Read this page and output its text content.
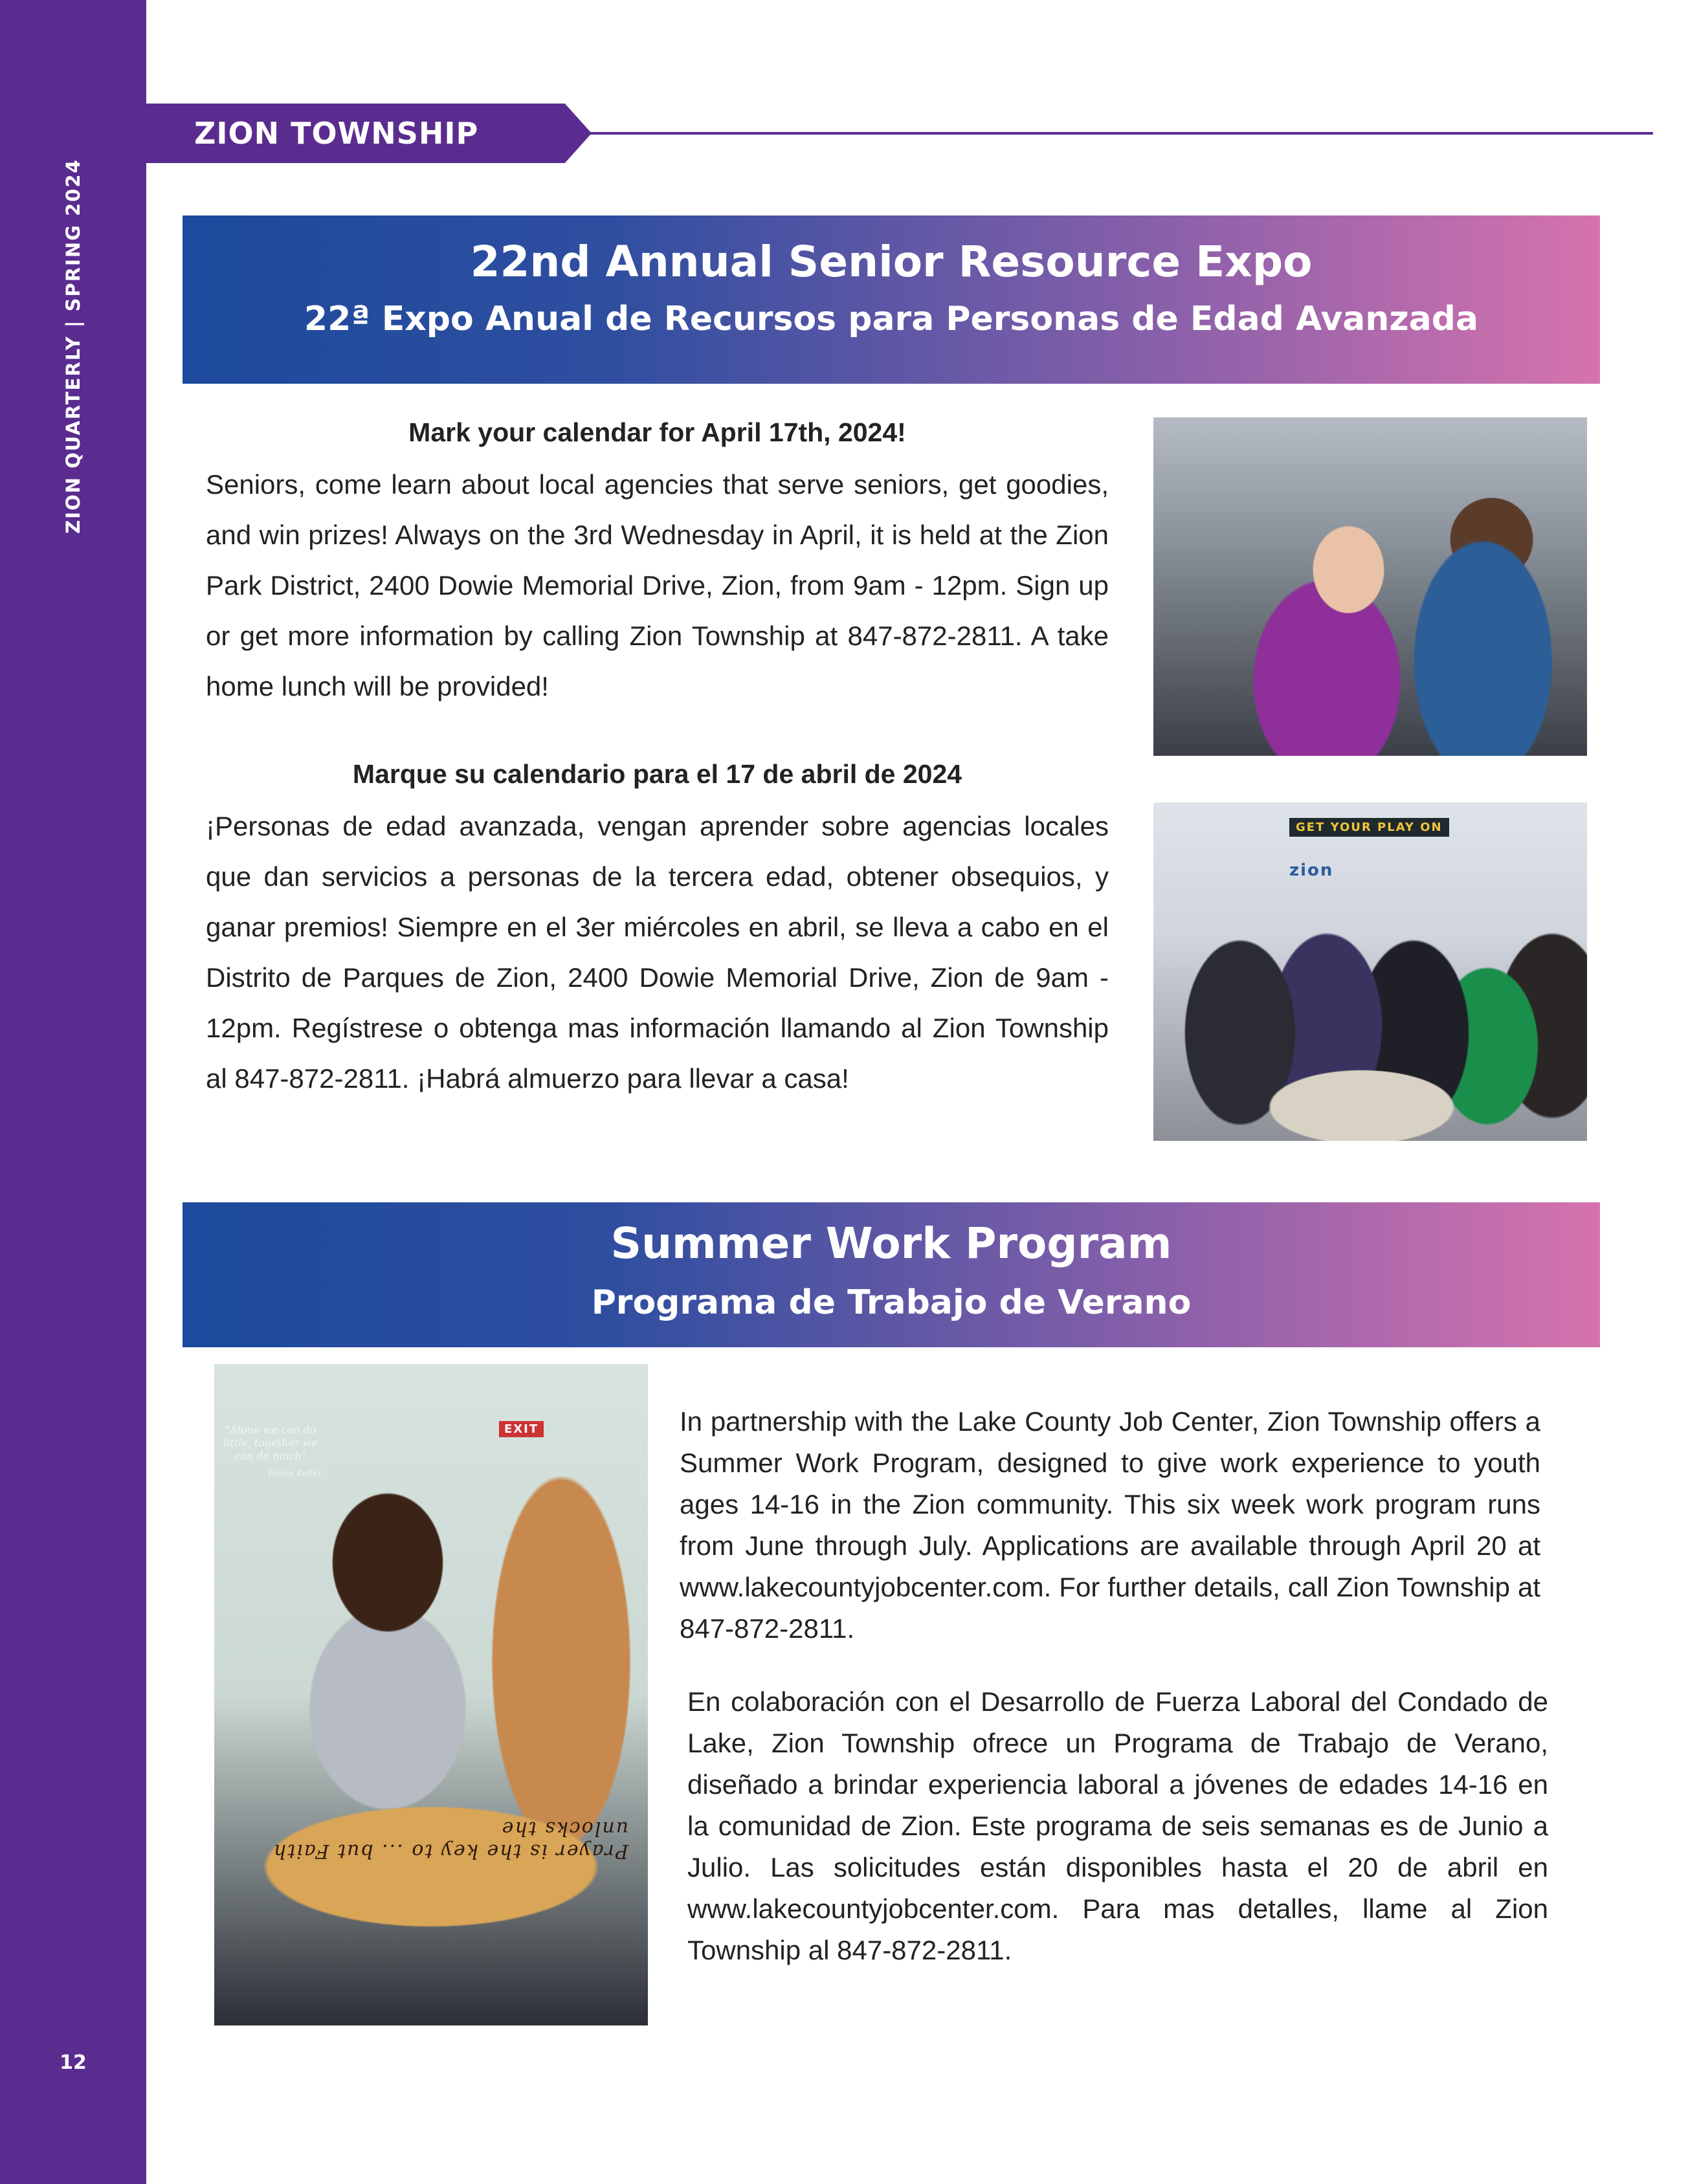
ZION QUARTERLY | SPRING 2024
12
ZION TOWNSHIP
22nd Annual Senior Resource Expo
22ª Expo Anual de Recursos para Personas de Edad Avanzada
Mark your calendar for April 17th, 2024!

Seniors, come learn about local agencies that serve seniors, get goodies, and win prizes! Always on the 3rd Wednesday in April, it is held at the Zion Park District, 2400 Dowie Memorial Drive, Zion, from 9am - 12pm. Sign up or get more information by calling Zion Township at 847-872-2811. A take home lunch will be provided!

Marque su calendario para el 17 de abril de 2024

¡Personas de edad avanzada, vengan aprender sobre agencias locales que dan servicios a personas de la tercera edad, obtener obsequios, y ganar premios! Siempre en el 3er miércoles en abril, se lleva a cabo en el Distrito de Parques de Zion, 2400 Dowie Memorial Drive, Zion de 9am - 12pm. Regístrese o obtenga mas información llamando al Zion Township al 847-872-2811. ¡Habrá almuerzo para llevar a casa!

GET YOUR PLAY ON
zion
Summer Work Program
Programa de Trabajo de Verano
"Alone we can do little, together we can do much"
Helen Keller
EXIT
Prayer is the key to ... but Faith unlocks the

In partnership with the Lake County Job Center, Zion Township offers a Summer Work Program, designed to give work experience to youth ages 14-16 in the Zion community. This six week work program runs from June through July. Applications are available through April 20 at www.lakecountyjobcenter.com. For further details, call Zion Township at 847-872-2811.

En colaboración con el Desarrollo de Fuerza Laboral del Condado de Lake, Zion Township ofrece un Programa de Trabajo de Verano, diseñado a brindar experiencia laboral a jóvenes de edades 14-16 en la comunidad de Zion. Este programa de seis semanas es de Junio a Julio. Las solicitudes están disponibles hasta el 20 de abril en www.lakecountyjobcenter.com. Para mas detalles, llame al Zion Township al 847-872-2811.
